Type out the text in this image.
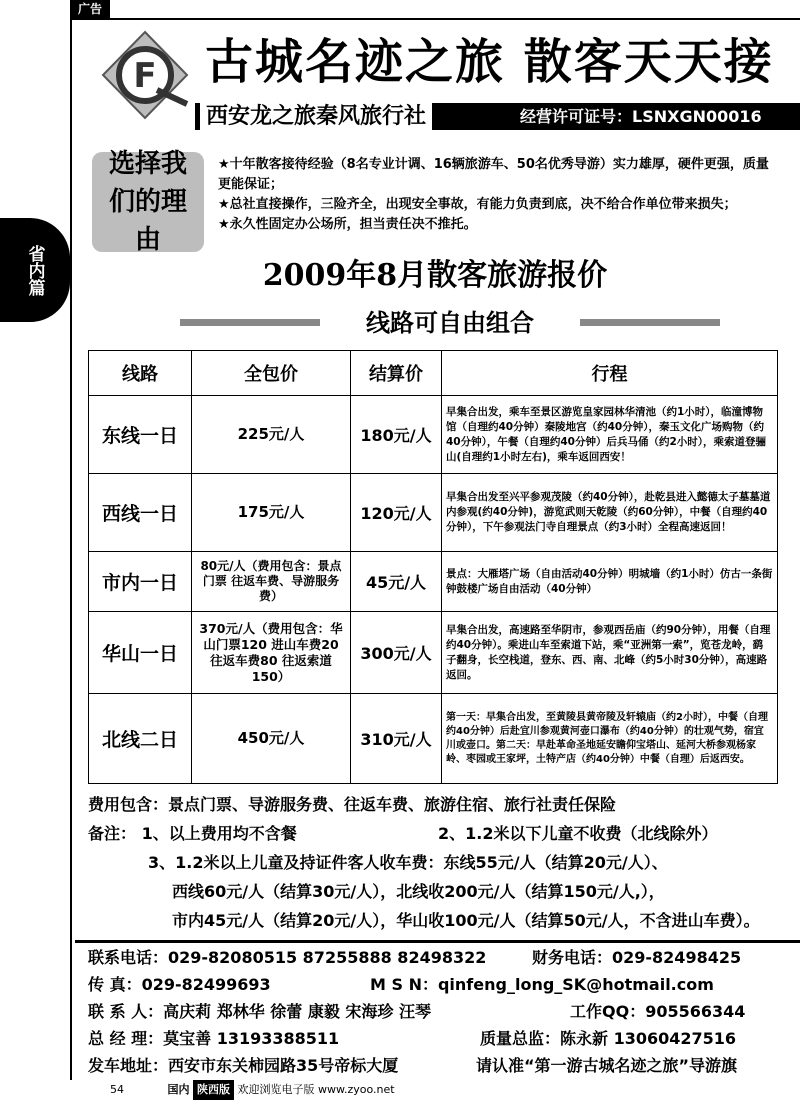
广告
F 古城名迹之旅 散客天天接
西安龙之旅秦风旅行社	经营许可证号：LSNXGN00016
省内篇
选择我们的理由

★十年散客接待经验（8名专业计调、16辆旅游车、50名优秀导游）实力雄厚，硬件更强，质量更能保证；

★总社直接操作，三险齐全，出现安全事故，有能力负责到底，决不给合作单位带来损失；

★永久性固定办公场所，担当责任决不推托。

2009年8月散客旅游报价
线路可自由组合
线路	全包价	结算价	行程
东线一日	225元/人	180元/人	早集合出发，乘车至景区游览皇家园林华清池（约1小时），临潼博物馆（自理约40分钟）秦陵地宫（约40分钟），秦玉文化广场购物（约40分钟），午餐（自理约40分钟）后兵马俑（约2小时），乘索道登骊山(自理约1小时左右)，乘车返回西安！
西线一日	175元/人	120元/人	早集合出发至兴平参观茂陵（约40分钟），赴乾县进入懿德太子墓墓道内参观(约40分钟)，游览武则天乾陵（约60分钟），中餐（自理约40分钟），下午参观法门寺自理景点（约3小时）全程高速返回！
市内一日	80元/人（费用包含：景点门票 往返车费、导游服务费）	45元/人	景点：大雁塔广场（自由活动40分钟）明城墙（约1小时）仿古一条街钟鼓楼广场自由活动（40分钟）
华山一日	370元/人（费用包含：华山门票120 进山车费20 往返车费80 往返索道150）	300元/人	早集合出发，高速路至华阴市，参观西岳庙（约90分钟），用餐（自理约40分钟）。乘进山车至索道下站，乘“亚洲第一索”，览苍龙岭，鹞子翻身，长空栈道，登东、西、南、北峰（约5小时30分钟），高速路返回。
北线二日	450元/人	310元/人	第一天：早集合出发，至黄陵县黄帝陵及轩辕庙（约2小时），中餐（自理约40分钟）后赴宜川参观黄河壶口瀑布（约40分钟）的壮观气势，宿宜川或壶口。第二天：早赴革命圣地延安瞻仰宝塔山、延河大桥参观杨家岭、枣园或王家坪，土特产店（约40分钟）中餐（自理）后返西安。
费用包含：景点门票、导游服务费、往返车费、旅游住宿、旅行社责任保险
备注： 1、以上费用均不含餐	2、1.2米以下儿童不收费（北线除外）
3、1.2米以上儿童及持证件客人收车费：东线55元/人（结算20元/人）、
西线60元/人（结算30元/人），北线收200元/人（结算150元/人,），
市内45元/人（结算20元/人），华山收100元/人（结算50元/人，不含进山车费）。
联系电话：029-82080515 87255888 82498322	财务电话：029-82498425
传 真：029-82499693	M S N：qinfeng_long_SK@hotmail.com
联 系 人：高庆莉 郑林华 徐蕾 康毅 宋海珍 汪琴	工作QQ：905566344
总 经 理：莫宝善 13193388511	质量总监：陈永新 13060427516
发车地址：西安市东关柿园路35号帝标大厦	请认准“第一游古城名迹之旅”导游旗
54	国内 陕西版 欢迎浏览电子版 www.zyoo.net
